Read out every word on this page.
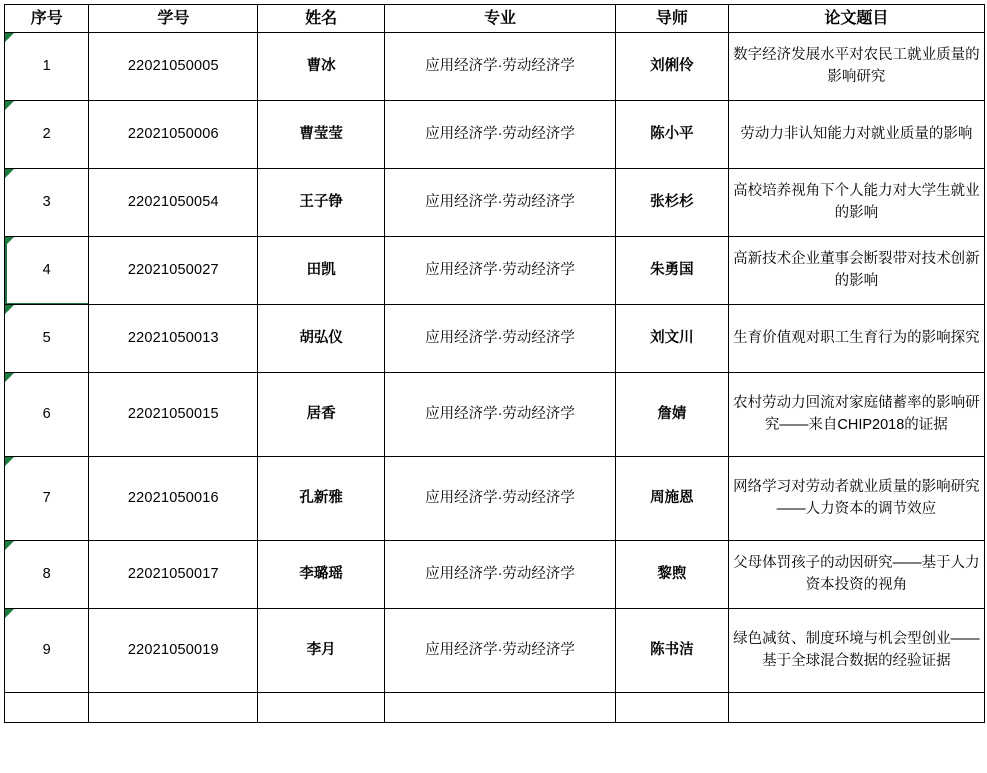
序号	学号	姓名	专业	导师	论文题目
1	22021050005	曹冰	应用经济学·劳动经济学	刘俐伶	数字经济发展水平对农民工就业质量的影响研究
2	22021050006	曹莹莹	应用经济学·劳动经济学	陈小平	劳动力非认知能力对就业质量的影响
3	22021050054	王子铮	应用经济学·劳动经济学	张杉杉	高校培养视角下个人能力对大学生就业的影响
4	22021050027	田凯	应用经济学·劳动经济学	朱勇国	高新技术企业董事会断裂带对技术创新的影响
5	22021050013	胡弘仪	应用经济学·劳动经济学	刘文川	生育价值观对职工生育行为的影响探究
6	22021050015	居香	应用经济学·劳动经济学	詹婧	农村劳动力回流对家庭储蓄率的影响研究——来自CHIP2018的证据
7	22021050016	孔新雅	应用经济学·劳动经济学	周施恩	网络学习对劳动者就业质量的影响研究——人力资本的调节效应
8	22021050017	李璐瑶	应用经济学·劳动经济学	黎煦	父母体罚孩子的动因研究——基于人力资本投资的视角
9	22021050019	李月	应用经济学·劳动经济学	陈书洁	绿色减贫、制度环境与机会型创业——基于全球混合数据的经验证据
